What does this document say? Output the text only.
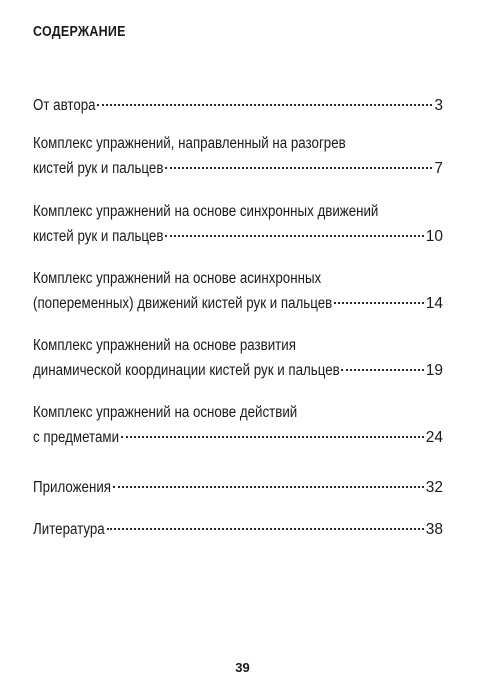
СОДЕРЖАНИЕ
От автора	3
Комплекс упражнений, направленный на разогрев
кистей рук и пальцев	7
Комплекс упражнений на основе синхронных движений
кистей рук и пальцев	10
Комплекс упражнений на основе асинхронных
(попеременных) движений кистей рук и пальцев	14
Комплекс упражнений на основе развития
динамической координации кистей рук и пальцев	19
Комплекс упражнений на основе действий
с предметами	24
Приложения	32
Литература	38
39
